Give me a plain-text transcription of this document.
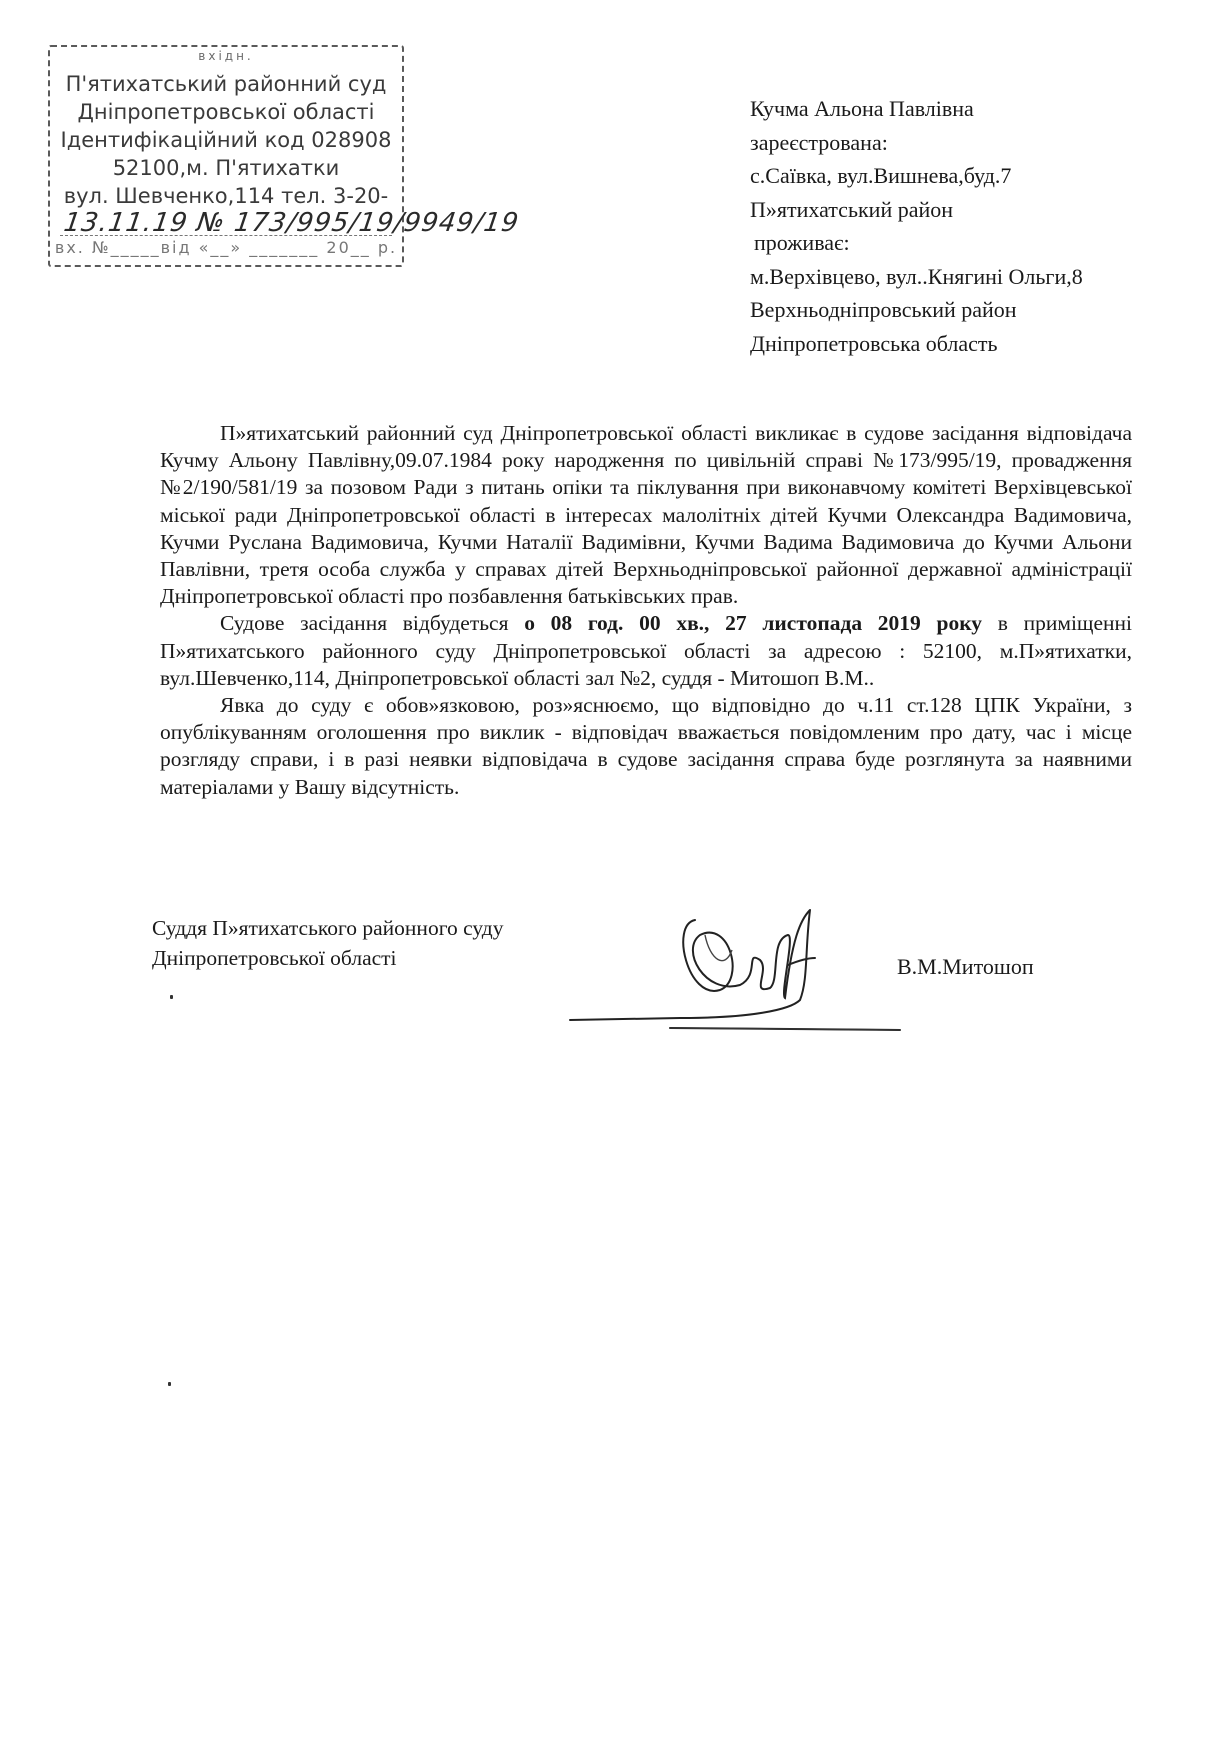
вхідн.
П'ятихатський районний суд
Дніпропетровської області
Ідентифікаційний код 028908
52100,м. П'ятихатки
вул. Шевченко,114 тел. 3-20-
13.11.19 № 173/995/19/9949/19
вх. №_____від «__» _______ 20__ р.
Кучма Альона Павлівна
зареєстрована:
с.Саївка, вул.Вишнева,буд.7
П»ятихатський район
проживає:
м.Верхівцево, вул..Княгині Ольги,8
Верхньодніпровський район
Дніпропетровська область

П»ятихатський районний суд Дніпропетровської області викликає в судове засідання відповідача Кучму Альону Павлівну,09.07.1984 року народження по цивільній справі №173/995/19, провадження №2/190/581/19 за позовом Ради з питань опіки та піклування при виконавчому комітеті Верхівцевської міської ради Дніпропетровської області в інтересах малолітніх дітей Кучми Олександра Вадимовича, Кучми Руслана Вадимовича, Кучми Наталії Вадимівни, Кучми Вадима Вадимовича до Кучми Альони Павлівни, третя особа служба у справах дітей Верхньодніпровської районної державної адміністрації Дніпропетровської області про позбавлення батьківських прав.

Судове засідання відбудеться о 08 год. 00 хв., 27 листопада 2019 року в приміщенні П»ятихатського районного суду Дніпропетровської області за адресою : 52100, м.П»ятихатки, вул.Шевченко,114, Дніпропетровської області зал №2, суддя - Митошоп В.М..

Явка до суду є обов»язковою, роз»яснюємо, що відповідно до ч.11 ст.128 ЦПК України, з опублікуванням оголошення про виклик - відповідач вважається повідомленим про дату, час і місце розгляду справи, і в разі неявки відповідача в судове засідання справа буде розглянута за наявними матеріалами у Вашу відсутність.

Суддя П»ятихатського районного суду
Дніпропетровської області	В.М.Митошоп
